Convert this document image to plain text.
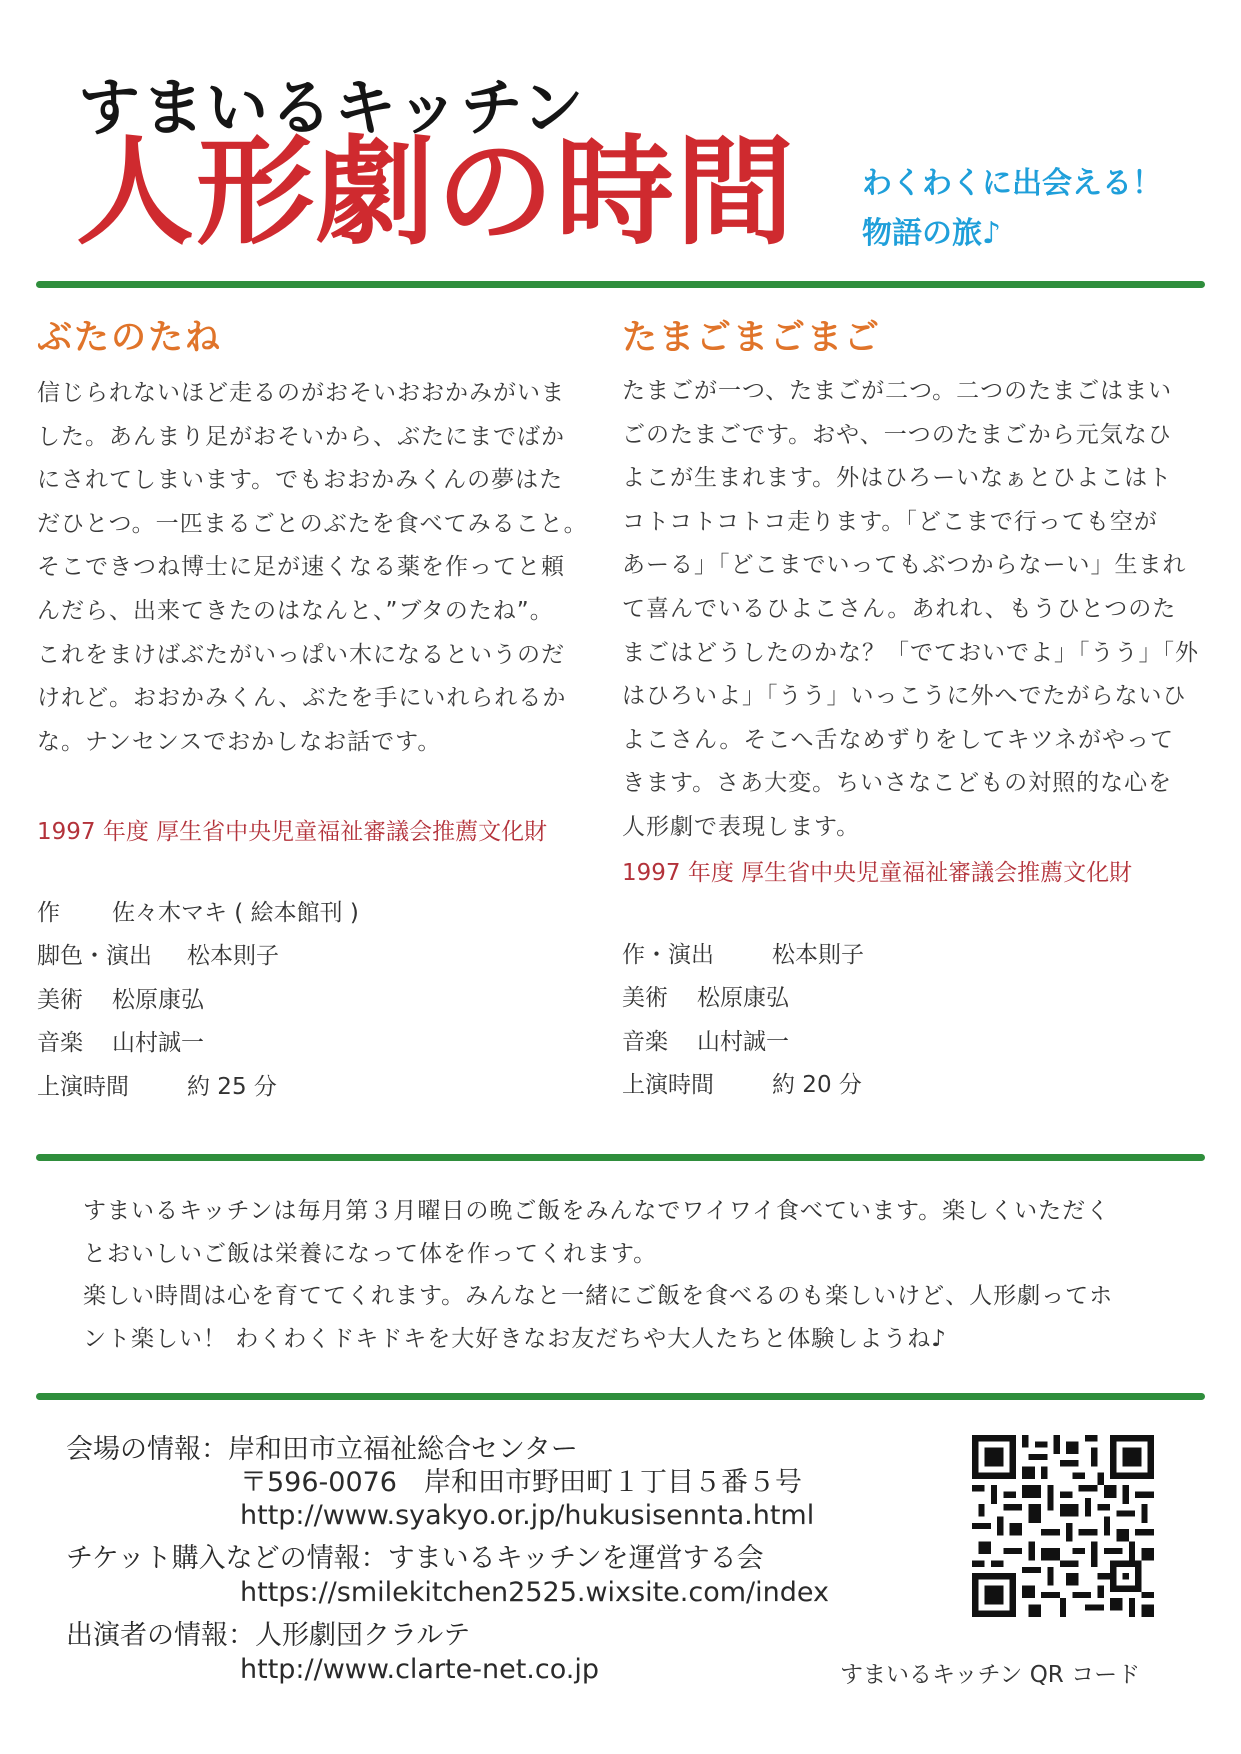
すまいるキッチン
人形劇の時間 わくわくに出会える！
物語の旅♪
ぶたのたね

信じられないほど走るのがおそいおおかみがいま
した。あんまり足がおそいから、ぶたにまでばか
にされてしまいます。でもおおかみくんの夢はた
だひとつ。一匹まるごとのぶたを食べてみること。
そこできつね博士に足が速くなる薬を作ってと頼
んだら、出来てきたのはなんと、”ブタのたね”。
これをまけばぶたがいっぱい木になるというのだ
けれど。おおかみくん、ぶたを手にいれられるか
な。ナンセンスでおかしなお話です。

1997 年度 厚生省中央児童福祉審議会推薦文化財
作 佐々木マキ ( 絵本館刊 )
脚色・演出 松本則子
美術 松原康弘
音楽 山村誠一
上演時間	約 25 分
たまごまごまご

たまごが一つ、たまごが二つ。二つのたまごはまい
ごのたまごです。おや、一つのたまごから元気なひ
よこが生まれます。外はひろーいなぁとひよこはト
コトコトコトコ走ります。「どこまで行っても空が
あーる」「どこまでいってもぶつからなーい」生まれ
て喜んでいるひよこさん。あれれ、もうひとつのた
まごはどうしたのかな？「でておいでよ」「うう」「外
はひろいよ」「うう」いっこうに外へでたがらないひ
よこさん。そこへ舌なめずりをしてキツネがやって
きます。さあ大変。ちいさなこどもの対照的な心を
人形劇で表現します。

1997 年度 厚生省中央児童福祉審議会推薦文化財
作・演出	松本則子
美術 松原康弘
音楽 山村誠一
上演時間	約 20 分
すまいるキッチンは毎月第３月曜日の晩ご飯をみんなでワイワイ食べています。楽しくいただく
とおいしいご飯は栄養になって体を作ってくれます。
楽しい時間は心を育ててくれます。みんなと一緒にご飯を食べるのも楽しいけど、人形劇ってホ
ント楽しい！ わくわくドキドキを大好きなお友だちや大人たちと体験しようね♪
会場の情報：岸和田市立福祉総合センター
〒596-0076　岸和田市野田町１丁目５番５号
http://www.syakyo.or.jp/hukusisennta.html
チケット購入などの情報：すまいるキッチンを運営する会
https://smilekitchen2525.wixsite.com/index
出演者の情報：人形劇団クラルテ
http://www.clarte-net.co.jp	すまいるキッチン QR コード
